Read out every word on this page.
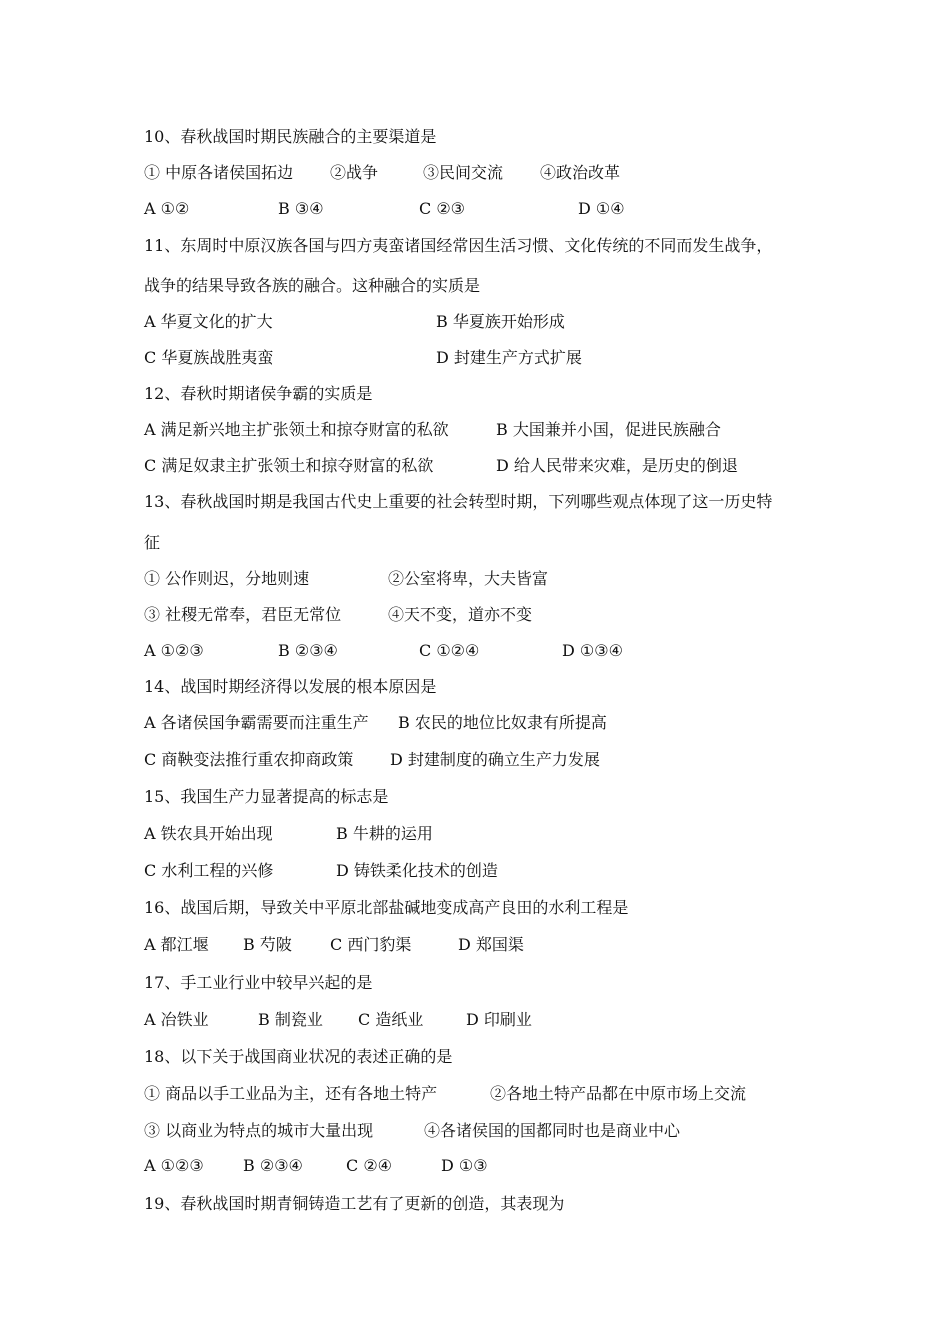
10、春秋战国时期民族融合的主要渠道是
① 中原各诸侯国拓边 ②战争	③民间交流 ④政治改革
A ①②	B ③④	C ②③	D ①④
11、东周时中原汉族各国与四方夷蛮诸国经常因生活习惯、文化传统的不同而发生战争，
战争的结果导致各族的融合。这种融合的实质是
A 华夏文化的扩大	B 华夏族开始形成
C 华夏族战胜夷蛮	D 封建生产方式扩展
12、春秋时期诸侯争霸的实质是
A 满足新兴地主扩张领土和掠夺财富的私欲	B 大国兼并小国，促进民族融合
C 满足奴隶主扩张领土和掠夺财富的私欲	D 给人民带来灾难，是历史的倒退
13、春秋战国时期是我国古代史上重要的社会转型时期，下列哪些观点体现了这一历史特
征
① 公作则迟，分地则速	②公室将卑，大夫皆富
③ 社稷无常奉，君臣无常位	④天不变，道亦不变
A ①②③	B ②③④	C ①②④	D ①③④
14、战国时期经济得以发展的根本原因是
A 各诸侯国争霸需要而注重生产 B 农民的地位比奴隶有所提高
C 商鞅变法推行重农抑商政策 D 封建制度的确立生产力发展
15、我国生产力显著提高的标志是
A 铁农具开始出现	B 牛耕的运用
C 水利工程的兴修	D 铸铁柔化技术的创造
16、战国后期，导致关中平原北部盐碱地变成高产良田的水利工程是
A 都江堰 B 芍陂 C 西门豹渠	D 郑国渠
17、手工业行业中较早兴起的是
A 冶铁业	B 制瓷业 C 造纸业	D 印刷业
18、以下关于战国商业状况的表述正确的是
① 商品以手工业品为主，还有各地土特产	②各地土特产品都在中原市场上交流
③ 以商业为特点的城市大量出现	④各诸侯国的国都同时也是商业中心
A ①②③ B ②③④	C ②④	D ①③
19、春秋战国时期青铜铸造工艺有了更新的创造，其表现为
